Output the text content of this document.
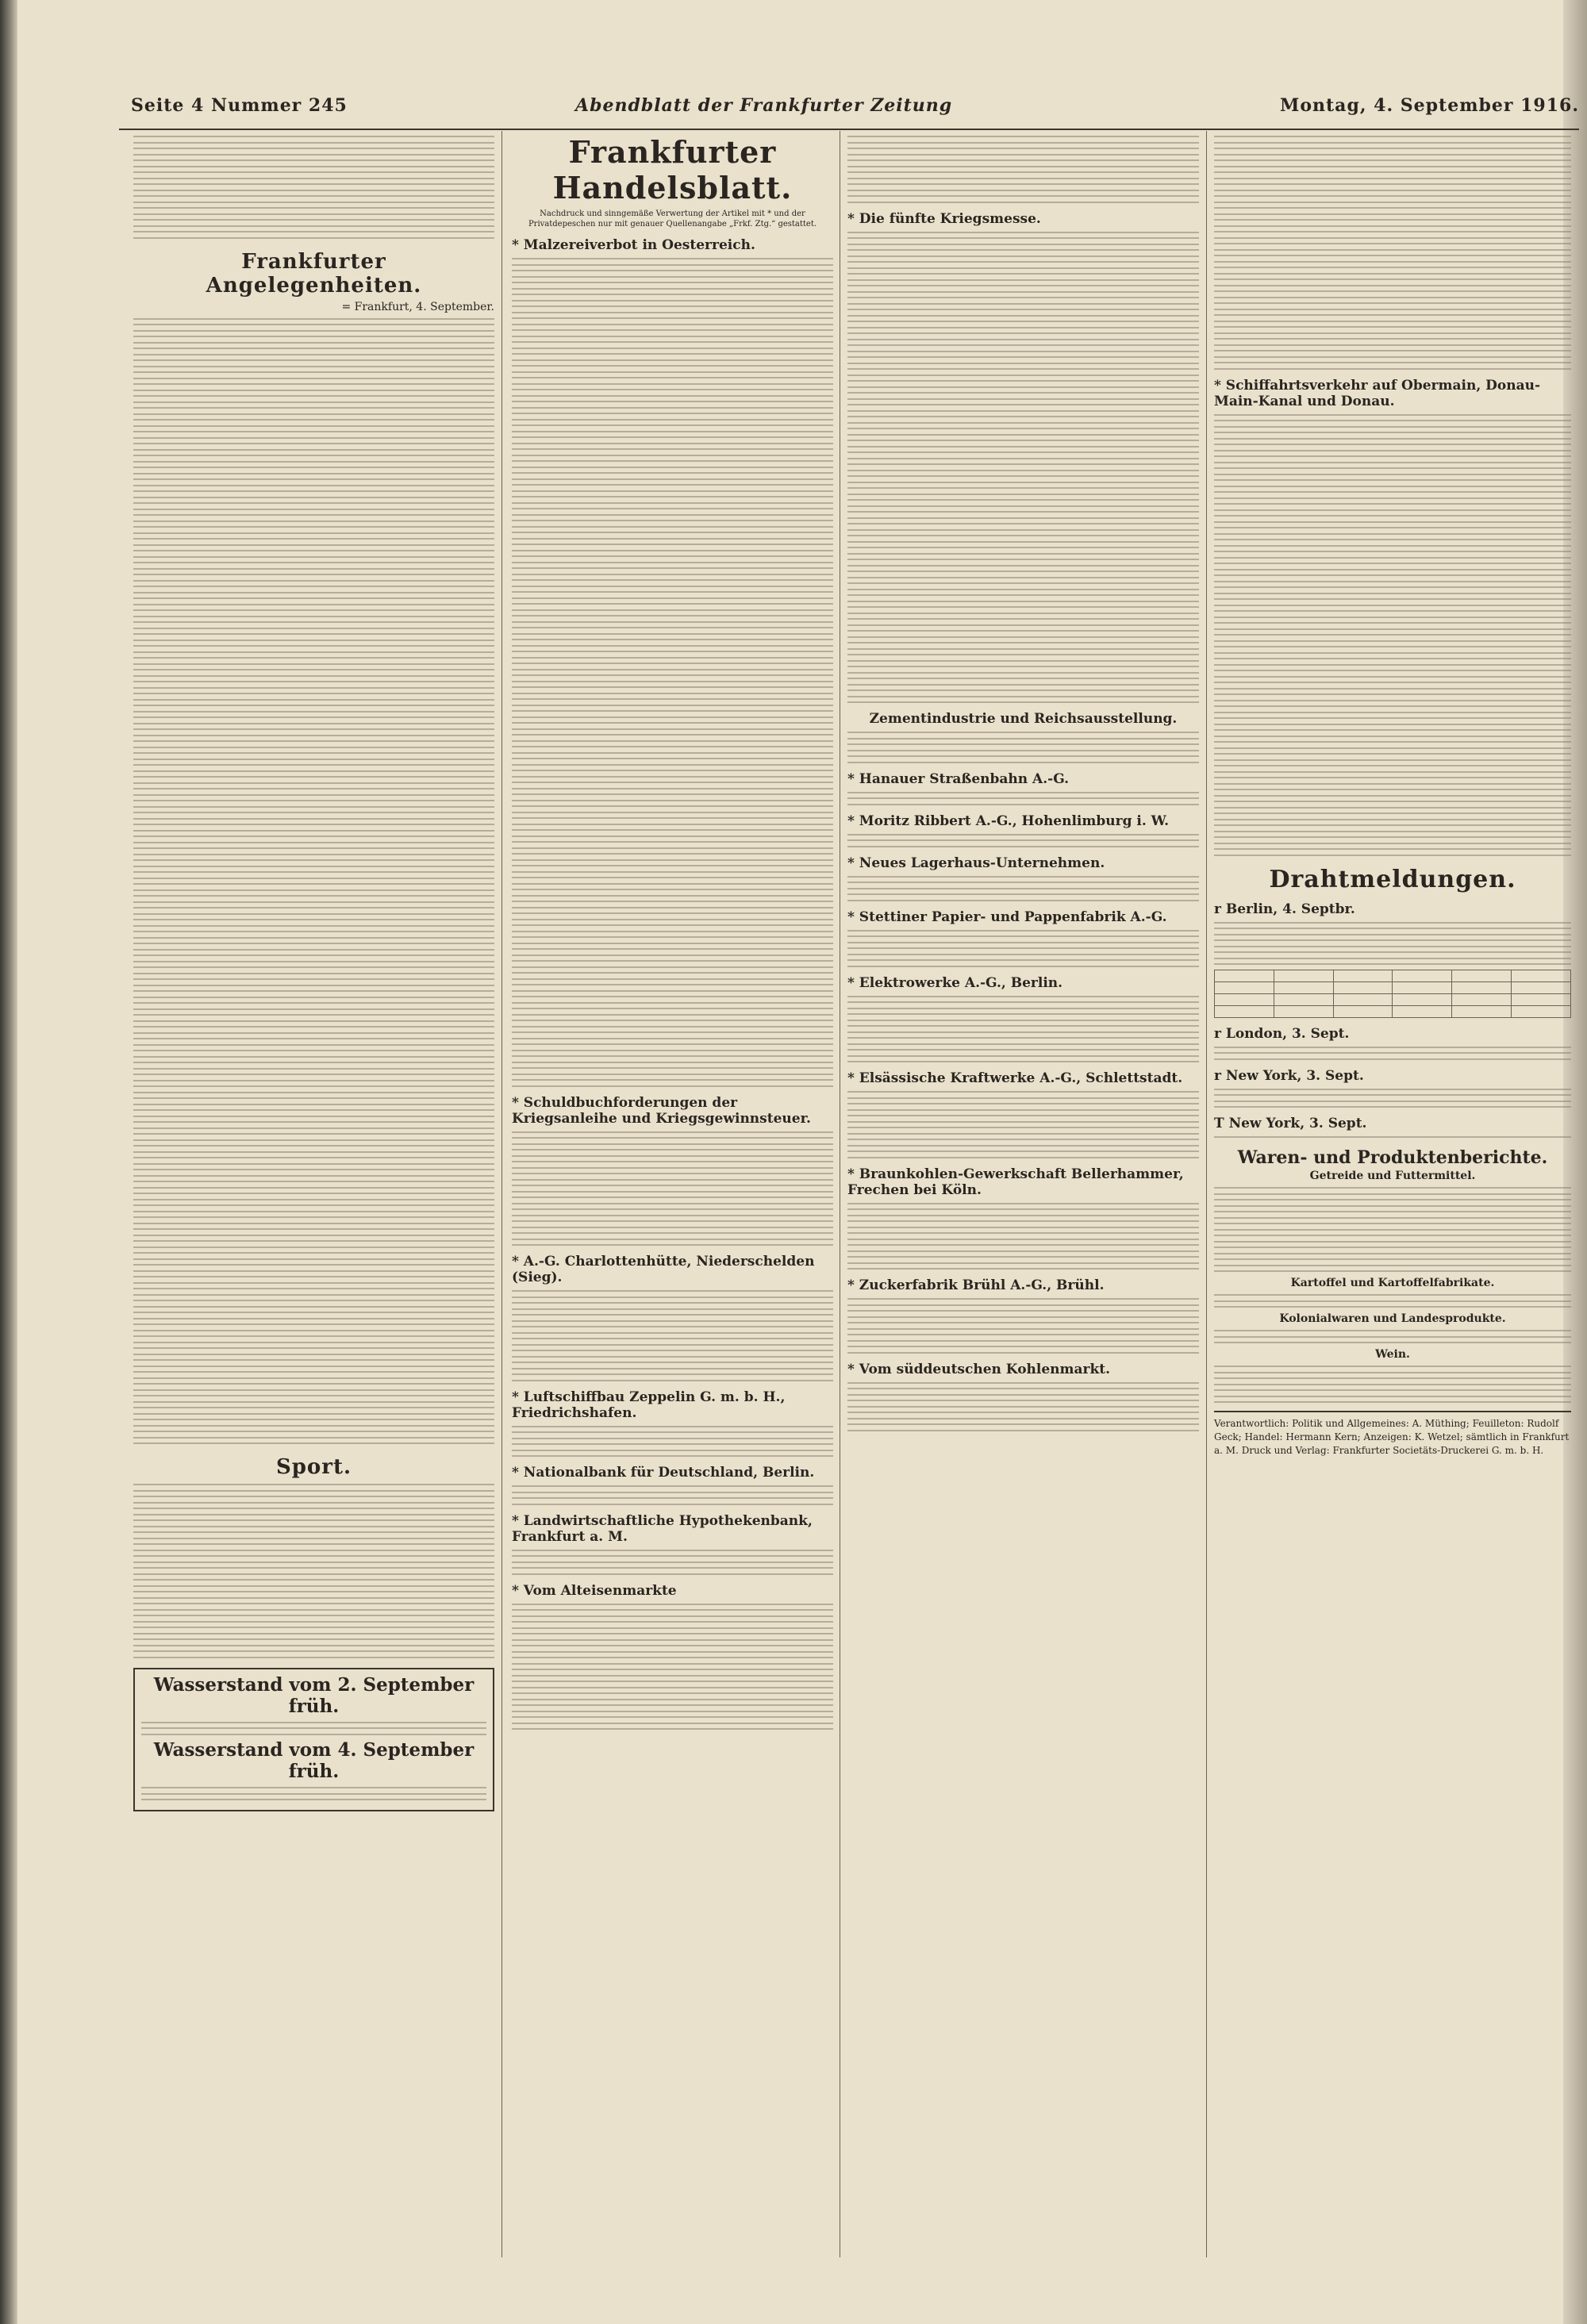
Seite 4 Nummer 245	Abendblatt der Frankfurter Zeitung	Montag, 4. September 1916.
Frankfurter Angelegenheiten.
= Frankfurt, 4. September.
Sport.
Wasserstand vom 2. September früh.
Wasserstand vom 4. September früh.
Frankfurter Handelsblatt.
Nachdruck und sinngemäße Verwertung der Artikel mit * und der Privatdepeschen nur mit genauer Quellenangabe „Frkf. Ztg.“ gestattet.
* Malzereiverbot in Oesterreich.
* Schuldbuchforderungen der Kriegsanleihe und Kriegsgewinnsteuer.
* A.-G. Charlottenhütte, Niederschelden (Sieg).
* Luftschiffbau Zeppelin G. m. b. H., Friedrichshafen.
* Nationalbank für Deutschland, Berlin.
* Landwirtschaftliche Hypothekenbank, Frankfurt a. M.
* Vom Alteisenmarkte
* Die fünfte Kriegsmesse.
Zementindustrie und Reichsausstellung.
* Hanauer Straßenbahn A.-G.
* Moritz Ribbert A.-G., Hohenlimburg i. W.
* Neues Lagerhaus-Unternehmen.
* Stettiner Papier- und Pappenfabrik A.-G.
* Elektrowerke A.-G., Berlin.
* Elsässische Kraftwerke A.-G., Schlettstadt.
* Braunkohlen-Gewerkschaft Bellerhammer, Frechen bei Köln.
* Zuckerfabrik Brühl A.-G., Brühl.
* Vom süddeutschen Kohlenmarkt.
* Schiffahrtsverkehr auf Obermain, Donau-Main-Kanal und Donau.
Drahtmeldungen.
r Berlin, 4. Septbr.

r London, 3. Sept.
r New York, 3. Sept.
T New York, 3. Sept.
Waren- und Produktenberichte.
Getreide und Futtermittel.
Kartoffel und Kartoffelfabrikate.
Kolonialwaren und Landesprodukte.
Wein.
Verantwortlich: Politik und Allgemeines: A. Müthing; Feuilleton: Rudolf Geck; Handel: Hermann Kern; Anzeigen: K. Wetzel; sämtlich in Frankfurt a. M. Druck und Verlag: Frankfurter Societäts-Druckerei G. m. b. H.
